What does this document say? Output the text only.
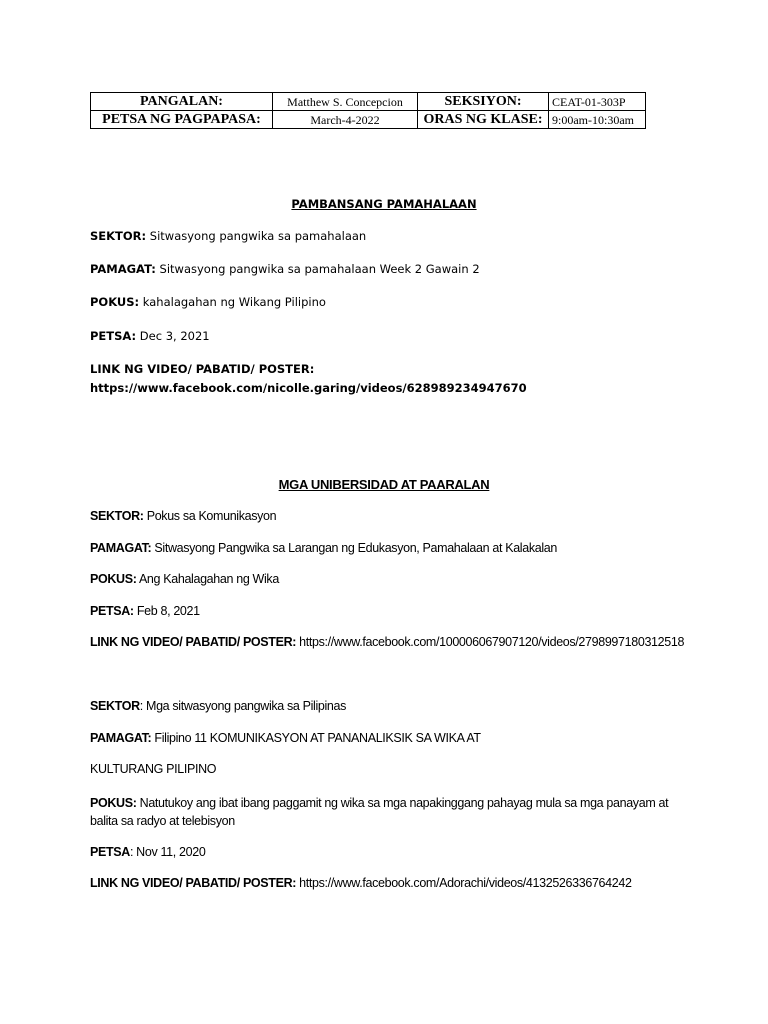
PANGALAN:	Matthew S. Concepcion	SEKSIYON:	CEAT-01-303P
PETSA NG PAGPAPASA:	March-4-2022	ORAS NG KLASE:	9:00am-10:30am
PAMBANSANG PAMAHALAAN
SEKTOR: Sitwasyong pangwika sa pamahalaan
PAMAGAT: Sitwasyong pangwika sa pamahalaan Week 2 Gawain 2
POKUS: kahalagahan ng Wikang Pilipino
PETSA: Dec 3, 2021
LINK NG VIDEO/ PABATID/ POSTER:
https://www.facebook.com/nicolle.garing/videos/628989234947670
MGA UNIBERSIDAD AT PAARALAN
SEKTOR: Pokus sa Komunikasyon
PAMAGAT: Sitwasyong Pangwika sa Larangan ng Edukasyon, Pamahalaan at Kalakalan
POKUS: Ang Kahalagahan ng Wika
PETSA: Feb 8, 2021
LINK NG VIDEO/ PABATID/ POSTER: https://www.facebook.com/100006067907120/videos/2798997180312518
SEKTOR: Mga sitwasyong pangwika sa Pilipinas
PAMAGAT: Filipino 11 KOMUNIKASYON AT PANANALIKSIK SA WIKA AT
KULTURANG PILIPINO
POKUS: Natutukoy ang ibat ibang paggamit ng wika sa mga napakinggang pahayag mula sa mga panayam at balita sa radyo at telebisyon
PETSA: Nov 11, 2020
LINK NG VIDEO/ PABATID/ POSTER: https://www.facebook.com/Adorachi/videos/4132526336764242
